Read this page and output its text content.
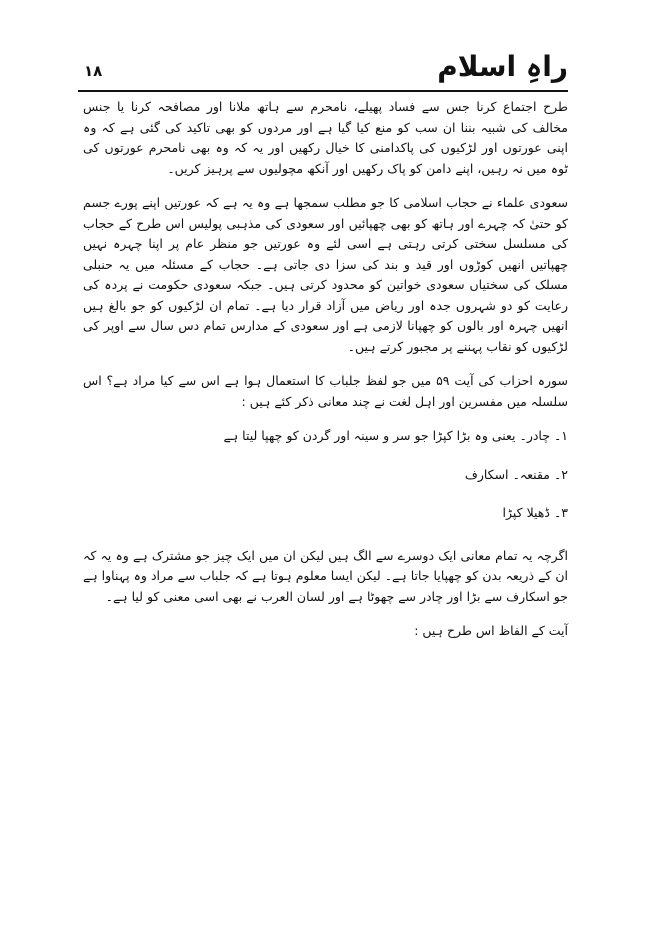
۱۸	راہِ اسلام

طرح اجتماع کرنا جس سے فساد پھیلے، نامحرم سے ہاتھ ملانا اور مصافحہ کرنا یا جنس مخالف کی شبیہ بننا ان سب کو منع کیا گیا ہے اور مردوں کو بھی تاکید کی گئی ہے کہ وہ اپنی عورتوں اور لڑکیوں کی پاکدامنی کا خیال رکھیں اور یہ کہ وہ بھی نامحرم عورتوں کی ٹوہ میں نہ رہیں، اپنے دامن کو پاک رکھیں اور آنکھ مچولیوں سے پرہیز کریں۔

سعودی علماء نے حجاب اسلامی کا جو مطلب سمجھا ہے وہ یہ ہے کہ عورتیں اپنے پورے جسم کو حتیٰ کہ چہرے اور ہاتھ کو بھی چھپائیں اور سعودی کی مذہبی پولیس اس طرح کے حجاب کی مسلسل سختی کرتی رہتی ہے اسی لئے وہ عورتیں جو منظر عام پر اپنا چہرہ نہیں چھپاتیں انھیں کوڑوں اور قید و بند کی سزا دی جاتی ہے۔ حجاب کے مسئلہ میں یہ حنبلی مسلک کی سختیاں سعودی خواتین کو محدود کرتی ہیں۔ جبکہ سعودی حکومت نے پردہ کی رعایت کو دو شہروں جدہ اور ریاض میں آزاد قرار دیا ہے۔ تمام ان لڑکیوں کو جو بالغ ہیں انھیں چہرہ اور بالوں کو چھپانا لازمی ہے اور سعودی کے مدارس تمام دس سال سے اوپر کی لڑکیوں کو نقاب پہننے پر مجبور کرتے ہیں۔

سورہ احزاب کی آیت ۵۹ میں جو لفظ جلباب کا استعمال ہوا ہے اس سے کیا مراد ہے؟ اس سلسلہ میں مفسرین اور اہل لغت نے چند معانی ذکر کئے ہیں :

۱۔ چادر۔ یعنی وہ بڑا کپڑا جو سر و سینہ اور گردن کو چھپا لیتا ہے

۲۔ مقنعہ۔ اسکارف

۳۔ ڈھیلا کپڑا

اگرچہ یہ تمام معانی ایک دوسرے سے الگ ہیں لیکن ان میں ایک چیز جو مشترک ہے وہ یہ کہ ان کے ذریعہ بدن کو چھپایا جاتا ہے۔ لیکن ایسا معلوم ہوتا ہے کہ جلباب سے مراد وہ پہناوا ہے جو اسکارف سے بڑا اور چادر سے چھوٹا ہے اور لسان العرب نے بھی اسی معنی کو لیا ہے۔

آیت کے الفاظ اس طرح ہیں :
